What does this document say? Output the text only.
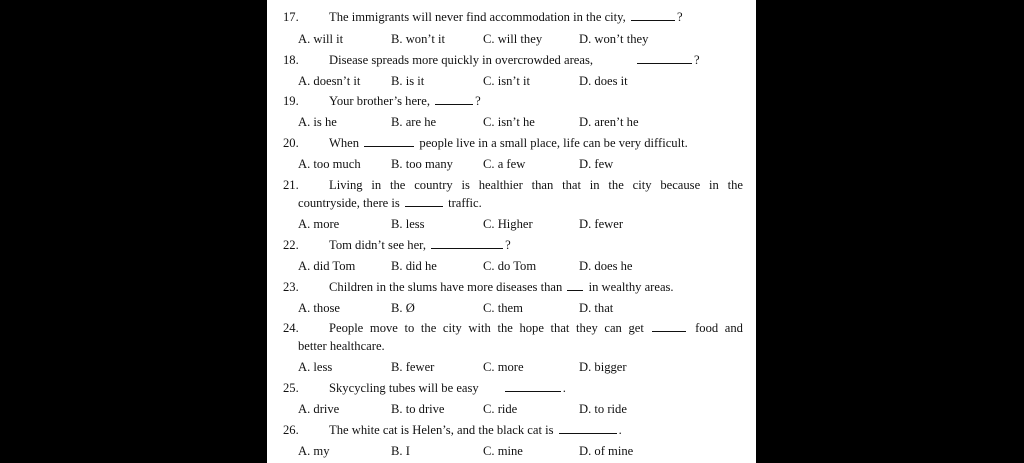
17. The immigrants will never find accommodation in the city,	?
A. will it	B. won’t it	C. will they	D. won’t they
18. Disease spreads more quickly in overcrowded areas,	?
A. doesn’t it B. is it	C. isn’t it	D. does it
19. Your brother’s here,	?
A. is he	B. are he	C. isn’t he	D. aren’t he
20. When	people live in a small place, life can be very difficult.
A. too much B. too many C. a few	D. few
21. Living in the country is healthier than that in the city because in the
countryside, there is	traffic.
A. more	B. less	C. Higher	D. fewer
22. Tom didn’t see her,	?
A. did Tom	B. did he	C. do Tom	D. does he
23. Children in the slums have more diseases than in wealthy areas.
A. those	B. Ø	C. them	D. that
24. People move to the city with the hope that they can get	food and
better healthcare.
A. less	B. fewer	C. more	D. bigger
25. Skycycling tubes will be easy	.
A. drive	B. to drive	C. ride	D. to ride
26. The white cat is Helen’s, and the black cat is	.
A. my	B. I	C. mine	D. of mine
